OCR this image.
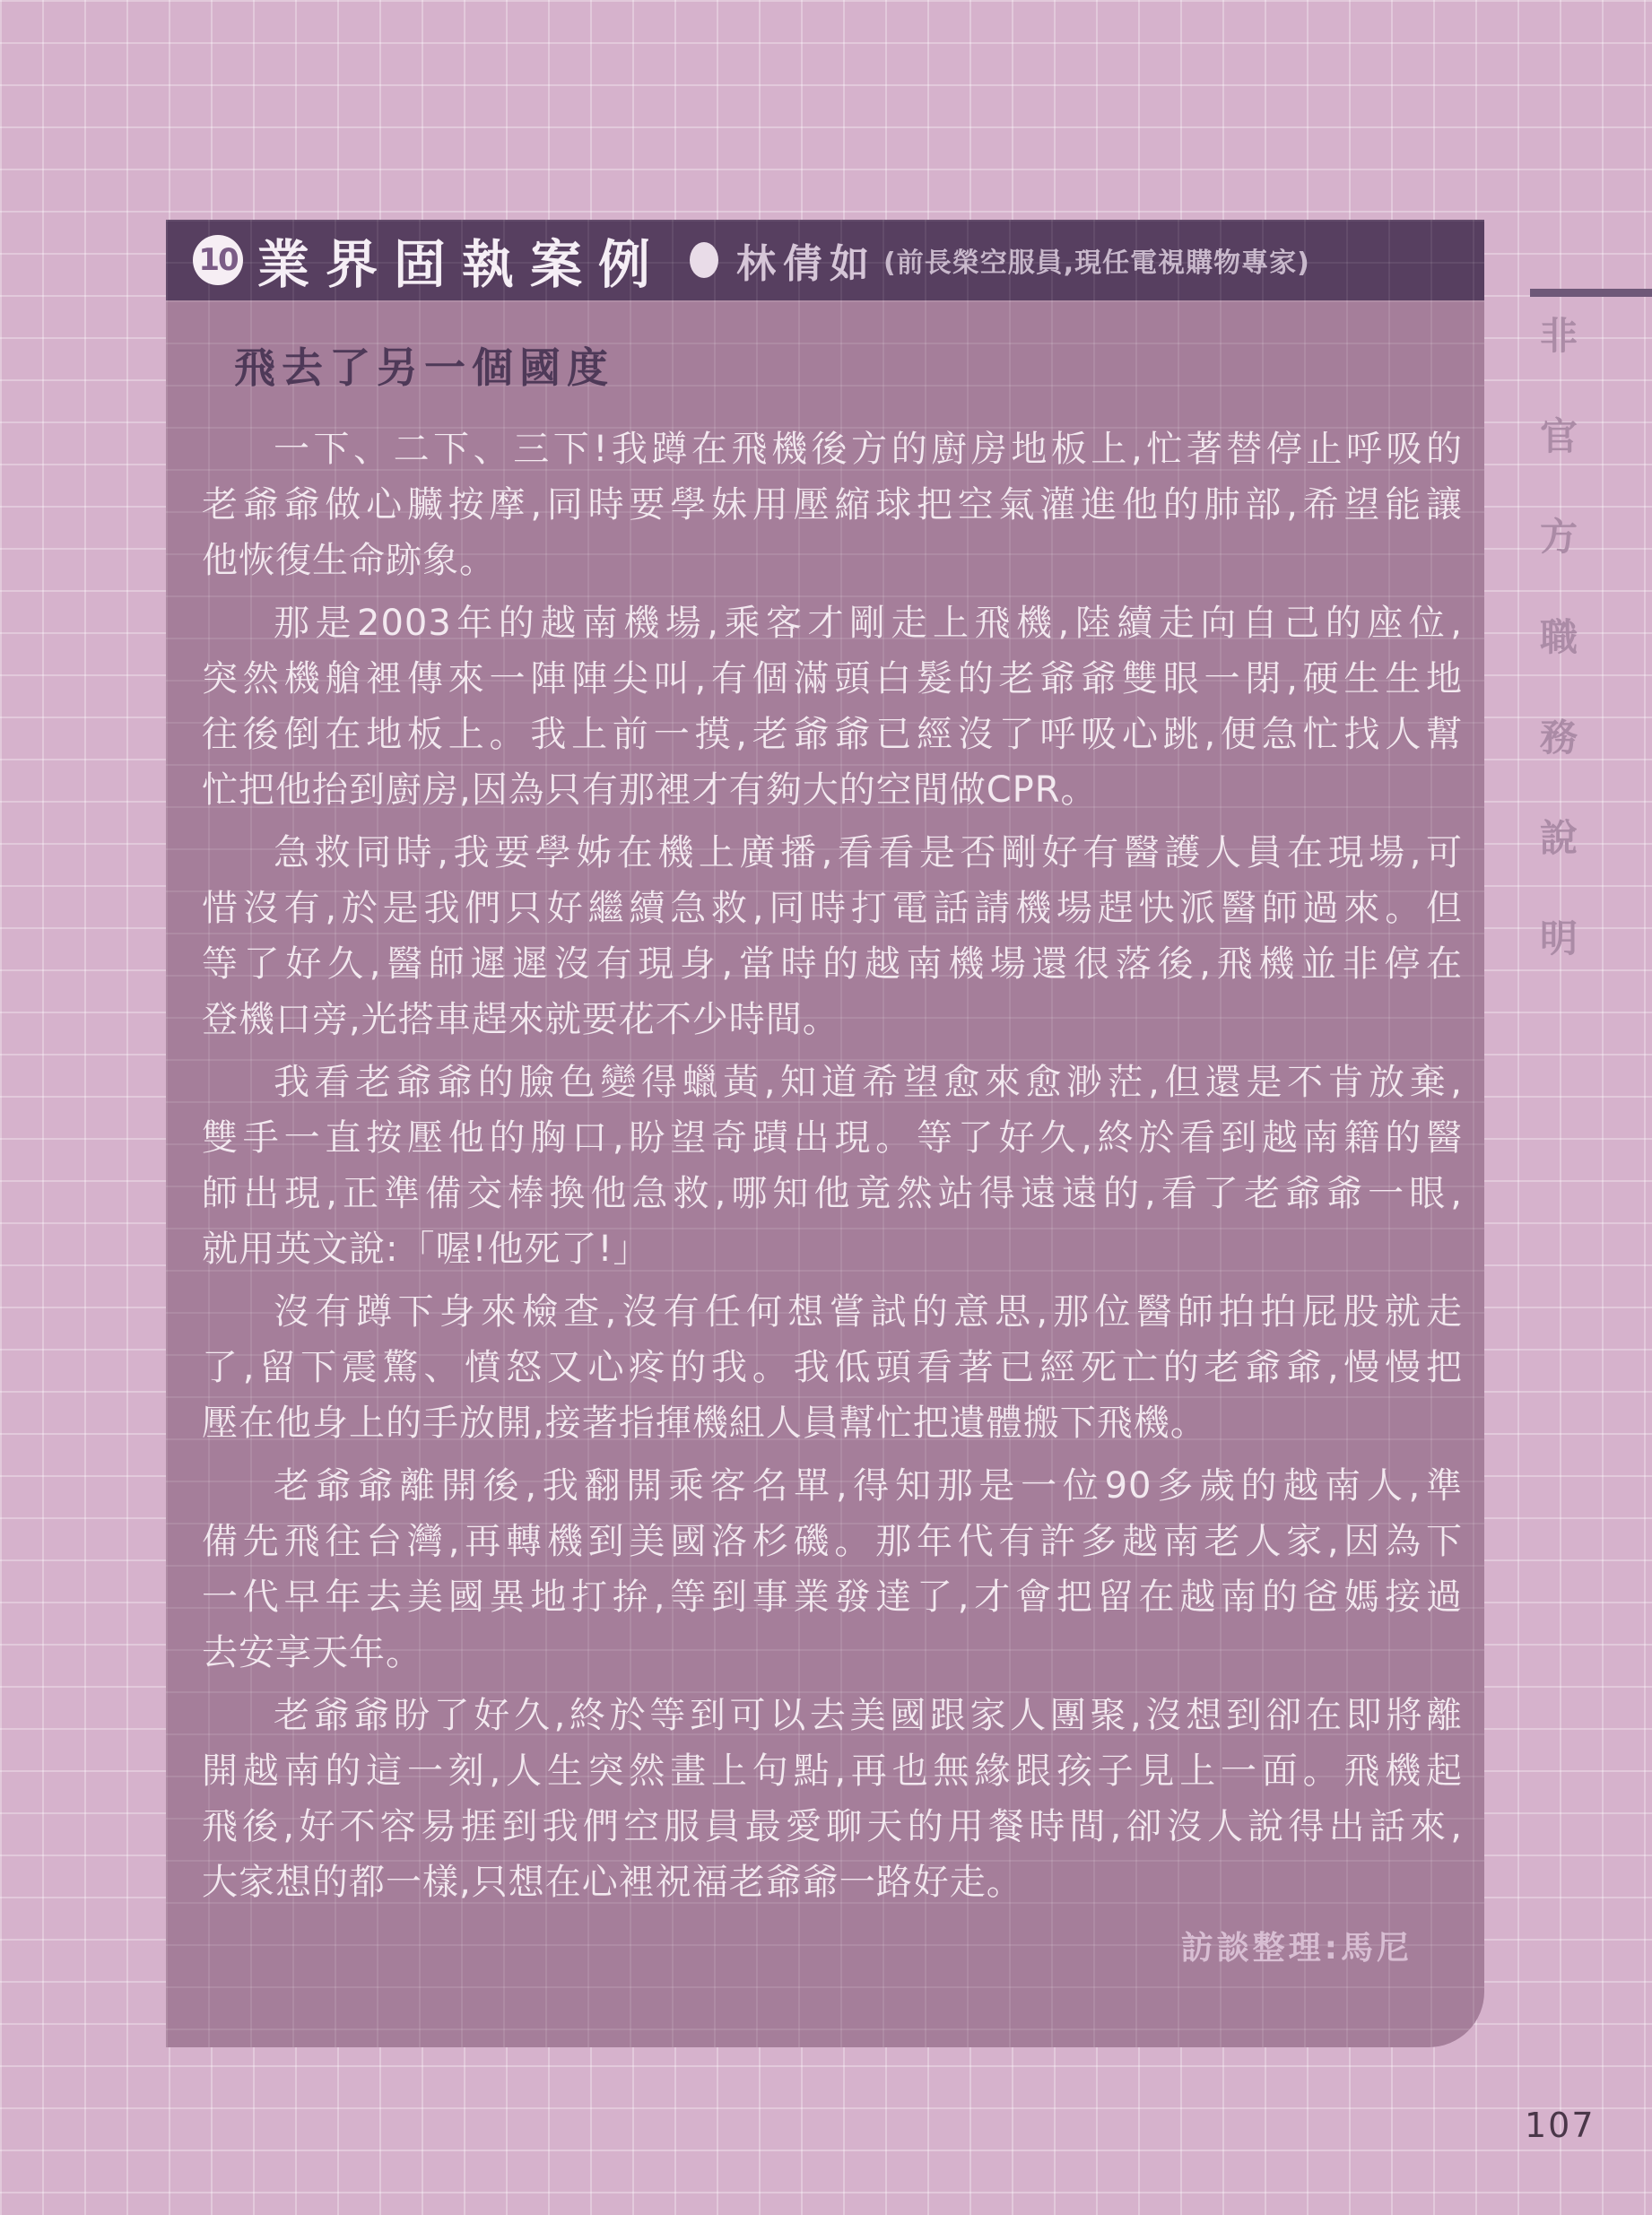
10 業界固執案例 林倩如 (前長榮空服員,現任電視購物專家)
飛去了另一個國度
一下、二下、三下!我蹲在飛機後方的廚房地板上,忙著替停止呼吸的
老爺爺做心臟按摩,同時要學妹用壓縮球把空氣灌進他的肺部,希望能讓
他恢復生命跡象。
那是2003年的越南機場,乘客才剛走上飛機,陸續走向自己的座位,
突然機艙裡傳來一陣陣尖叫,有個滿頭白髮的老爺爺雙眼一閉,硬生生地
往後倒在地板上。我上前一摸,老爺爺已經沒了呼吸心跳,便急忙找人幫
忙把他抬到廚房,因為只有那裡才有夠大的空間做CPR。
急救同時,我要學姊在機上廣播,看看是否剛好有醫護人員在現場,可
惜沒有,於是我們只好繼續急救,同時打電話請機場趕快派醫師過來。但
等了好久,醫師遲遲沒有現身,當時的越南機場還很落後,飛機並非停在
登機口旁,光搭車趕來就要花不少時間。
我看老爺爺的臉色變得蠟黃,知道希望愈來愈渺茫,但還是不肯放棄,
雙手一直按壓他的胸口,盼望奇蹟出現。等了好久,終於看到越南籍的醫
師出現,正準備交棒換他急救,哪知他竟然站得遠遠的,看了老爺爺一眼,
就用英文說:「喔!他死了!」
沒有蹲下身來檢查,沒有任何想嘗試的意思,那位醫師拍拍屁股就走
了,留下震驚、憤怒又心疼的我。我低頭看著已經死亡的老爺爺,慢慢把
壓在他身上的手放開,接著指揮機組人員幫忙把遺體搬下飛機。
老爺爺離開後,我翻開乘客名單,得知那是一位90多歲的越南人,準
備先飛往台灣,再轉機到美國洛杉磯。那年代有許多越南老人家,因為下
一代早年去美國異地打拚,等到事業發達了,才會把留在越南的爸媽接過
去安享天年。
老爺爺盼了好久,終於等到可以去美國跟家人團聚,沒想到卻在即將離
開越南的這一刻,人生突然畫上句點,再也無緣跟孩子見上一面。飛機起
飛後,好不容易捱到我們空服員最愛聊天的用餐時間,卻沒人說得出話來,
大家想的都一樣,只想在心裡祝福老爺爺一路好走。
訪談整理:馬尼
非官方職務說明
107
